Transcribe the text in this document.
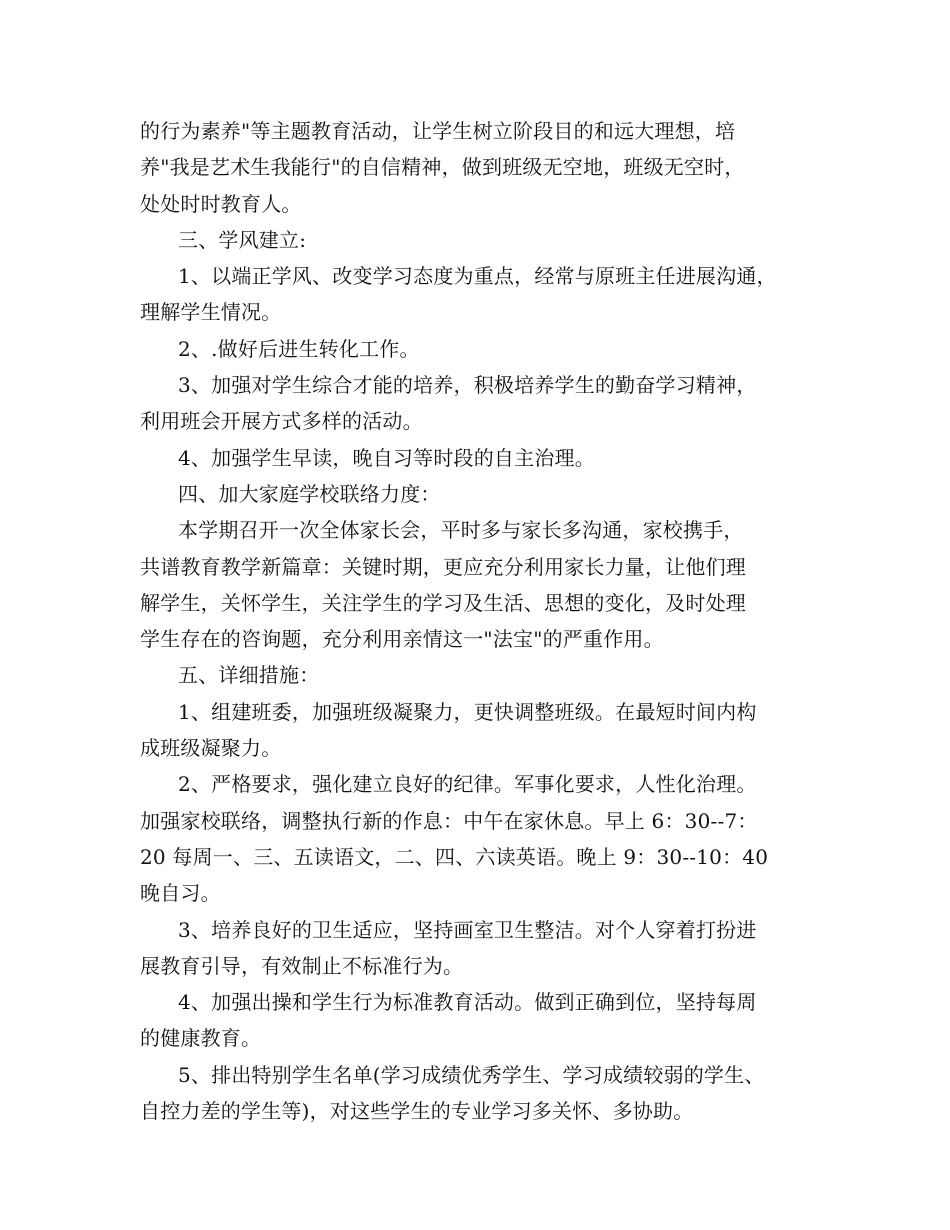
的行为素养"等主题教育活动，让学生树立阶段目的和远大理想，培
养"我是艺术生我能行"的自信精神，做到班级无空地，班级无空时，
处处时时教育人。
三、学风建立:
1、以端正学风、改变学习态度为重点，经常与原班主任进展沟通，
理解学生情况。
2、.做好后进生转化工作。
3、加强对学生综合才能的培养，积极培养学生的勤奋学习精神，
利用班会开展方式多样的活动。
4、加强学生早读，晚自习等时段的自主治理。
四、加大家庭学校联络力度：
本学期召开一次全体家长会，平时多与家长多沟通，家校携手，
共谱教育教学新篇章：关键时期，更应充分利用家长力量，让他们理
解学生，关怀学生，关注学生的学习及生活、思想的变化，及时处理
学生存在的咨询题，充分利用亲情这一"法宝"的严重作用。
五、详细措施：
1、组建班委，加强班级凝聚力，更快调整班级。在最短时间内构
成班级凝聚力。
2、严格要求，强化建立良好的纪律。军事化要求，人性化治理。
加强家校联络，调整执行新的作息：中午在家休息。早上 6：30--7：
20 每周一、三、五读语文，二、四、六读英语。晚上 9：30--10：40
晚自习。
3、培养良好的卫生适应，坚持画室卫生整洁。对个人穿着打扮进
展教育引导，有效制止不标准行为。
4、加强出操和学生行为标准教育活动。做到正确到位，坚持每周
的健康教育。
5、排出特别学生名单(学习成绩优秀学生、学习成绩较弱的学生、
自控力差的学生等)，对这些学生的专业学习多关怀、多协助。
